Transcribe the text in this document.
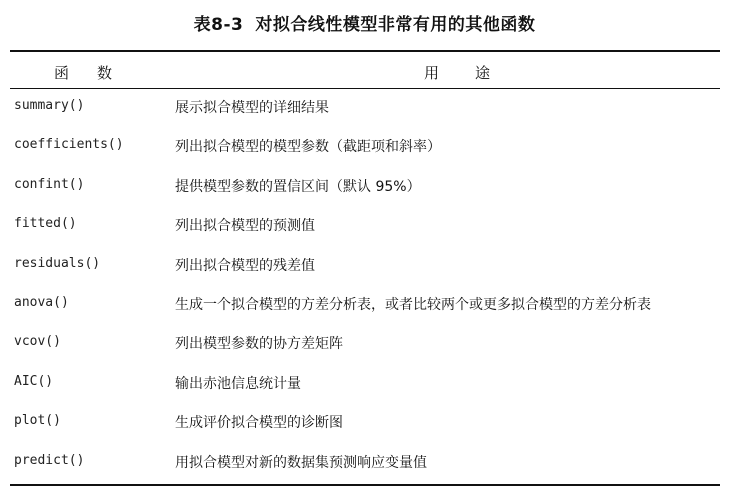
表8-3 对拟合线性模型非常有用的其他函数
函数	用途
summary()	展示拟合模型的详细结果
coefficients()	列出拟合模型的模型参数（截距项和斜率）
confint()	提供模型参数的置信区间（默认 95%）
fitted()	列出拟合模型的预测值
residuals()	列出拟合模型的残差值
anova()	生成一个拟合模型的方差分析表，或者比较两个或更多拟合模型的方差分析表
vcov()	列出模型参数的协方差矩阵
AIC()	输出赤池信息统计量
plot()	生成评价拟合模型的诊断图
predict()	用拟合模型对新的数据集预测响应变量值
